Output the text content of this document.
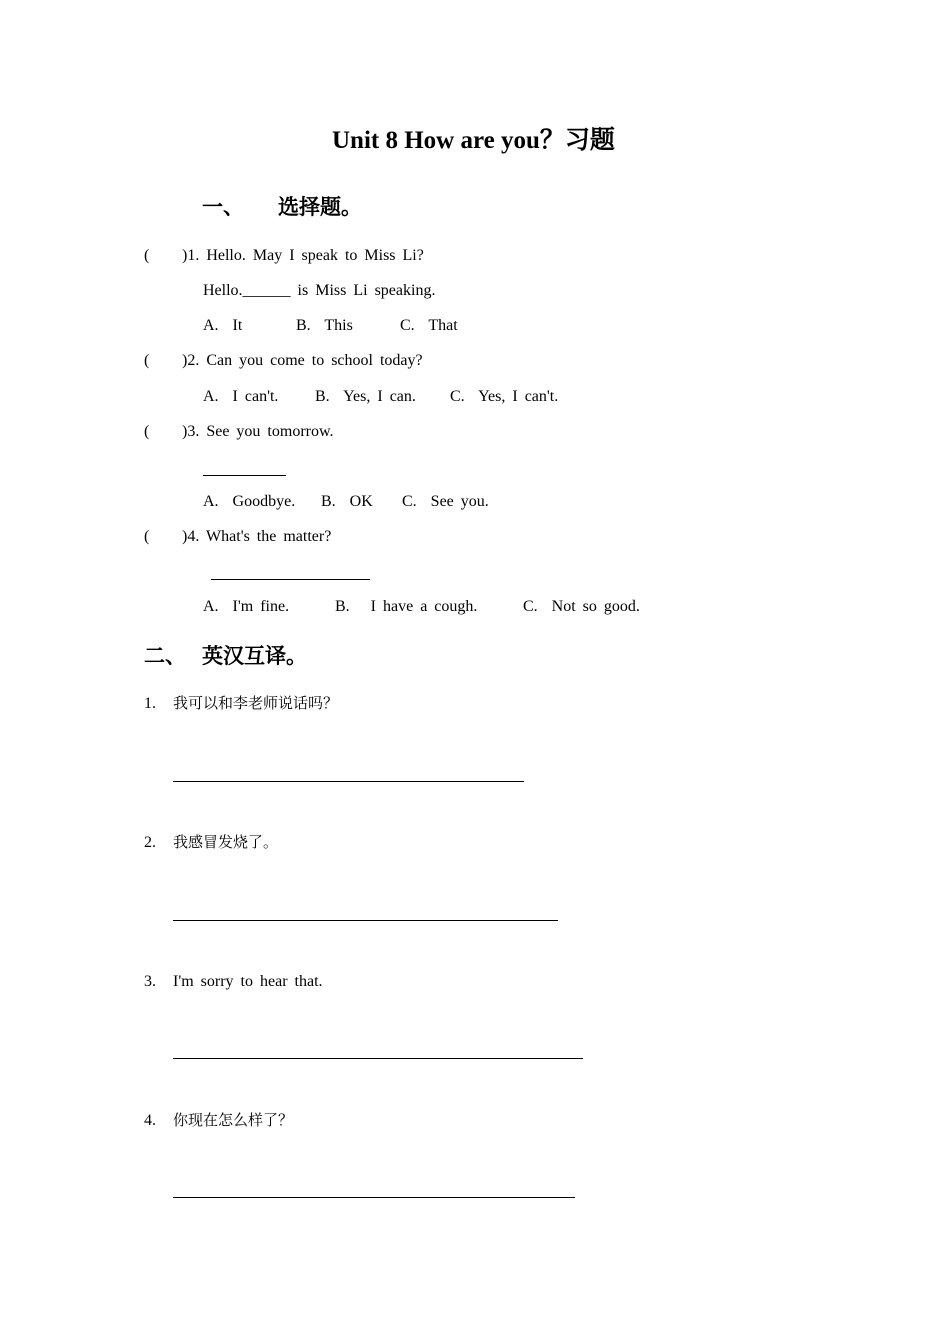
Unit 8 How are you？习题
一、 选择题。
( )1. Hello. May I speak to Miss Li?
Hello.______ is Miss Li speaking.
A.  It	B.  This	C.  That
( )2. Can you come to school today?
A.  I can't. B.  Yes, I can. C.  Yes, I can't.
( )3. See you tomorrow.
A.  Goodbye. B.  OK C.  See you.
( )4. What's the matter?
A.  I'm fine.	B.   I have a cough.	C.  Not so good.
二、 英汉互译。
1. 我可以和李老师说话吗？
2. 我感冒发烧了。
3. I'm sorry to hear that.
4. 你现在怎么样了？
